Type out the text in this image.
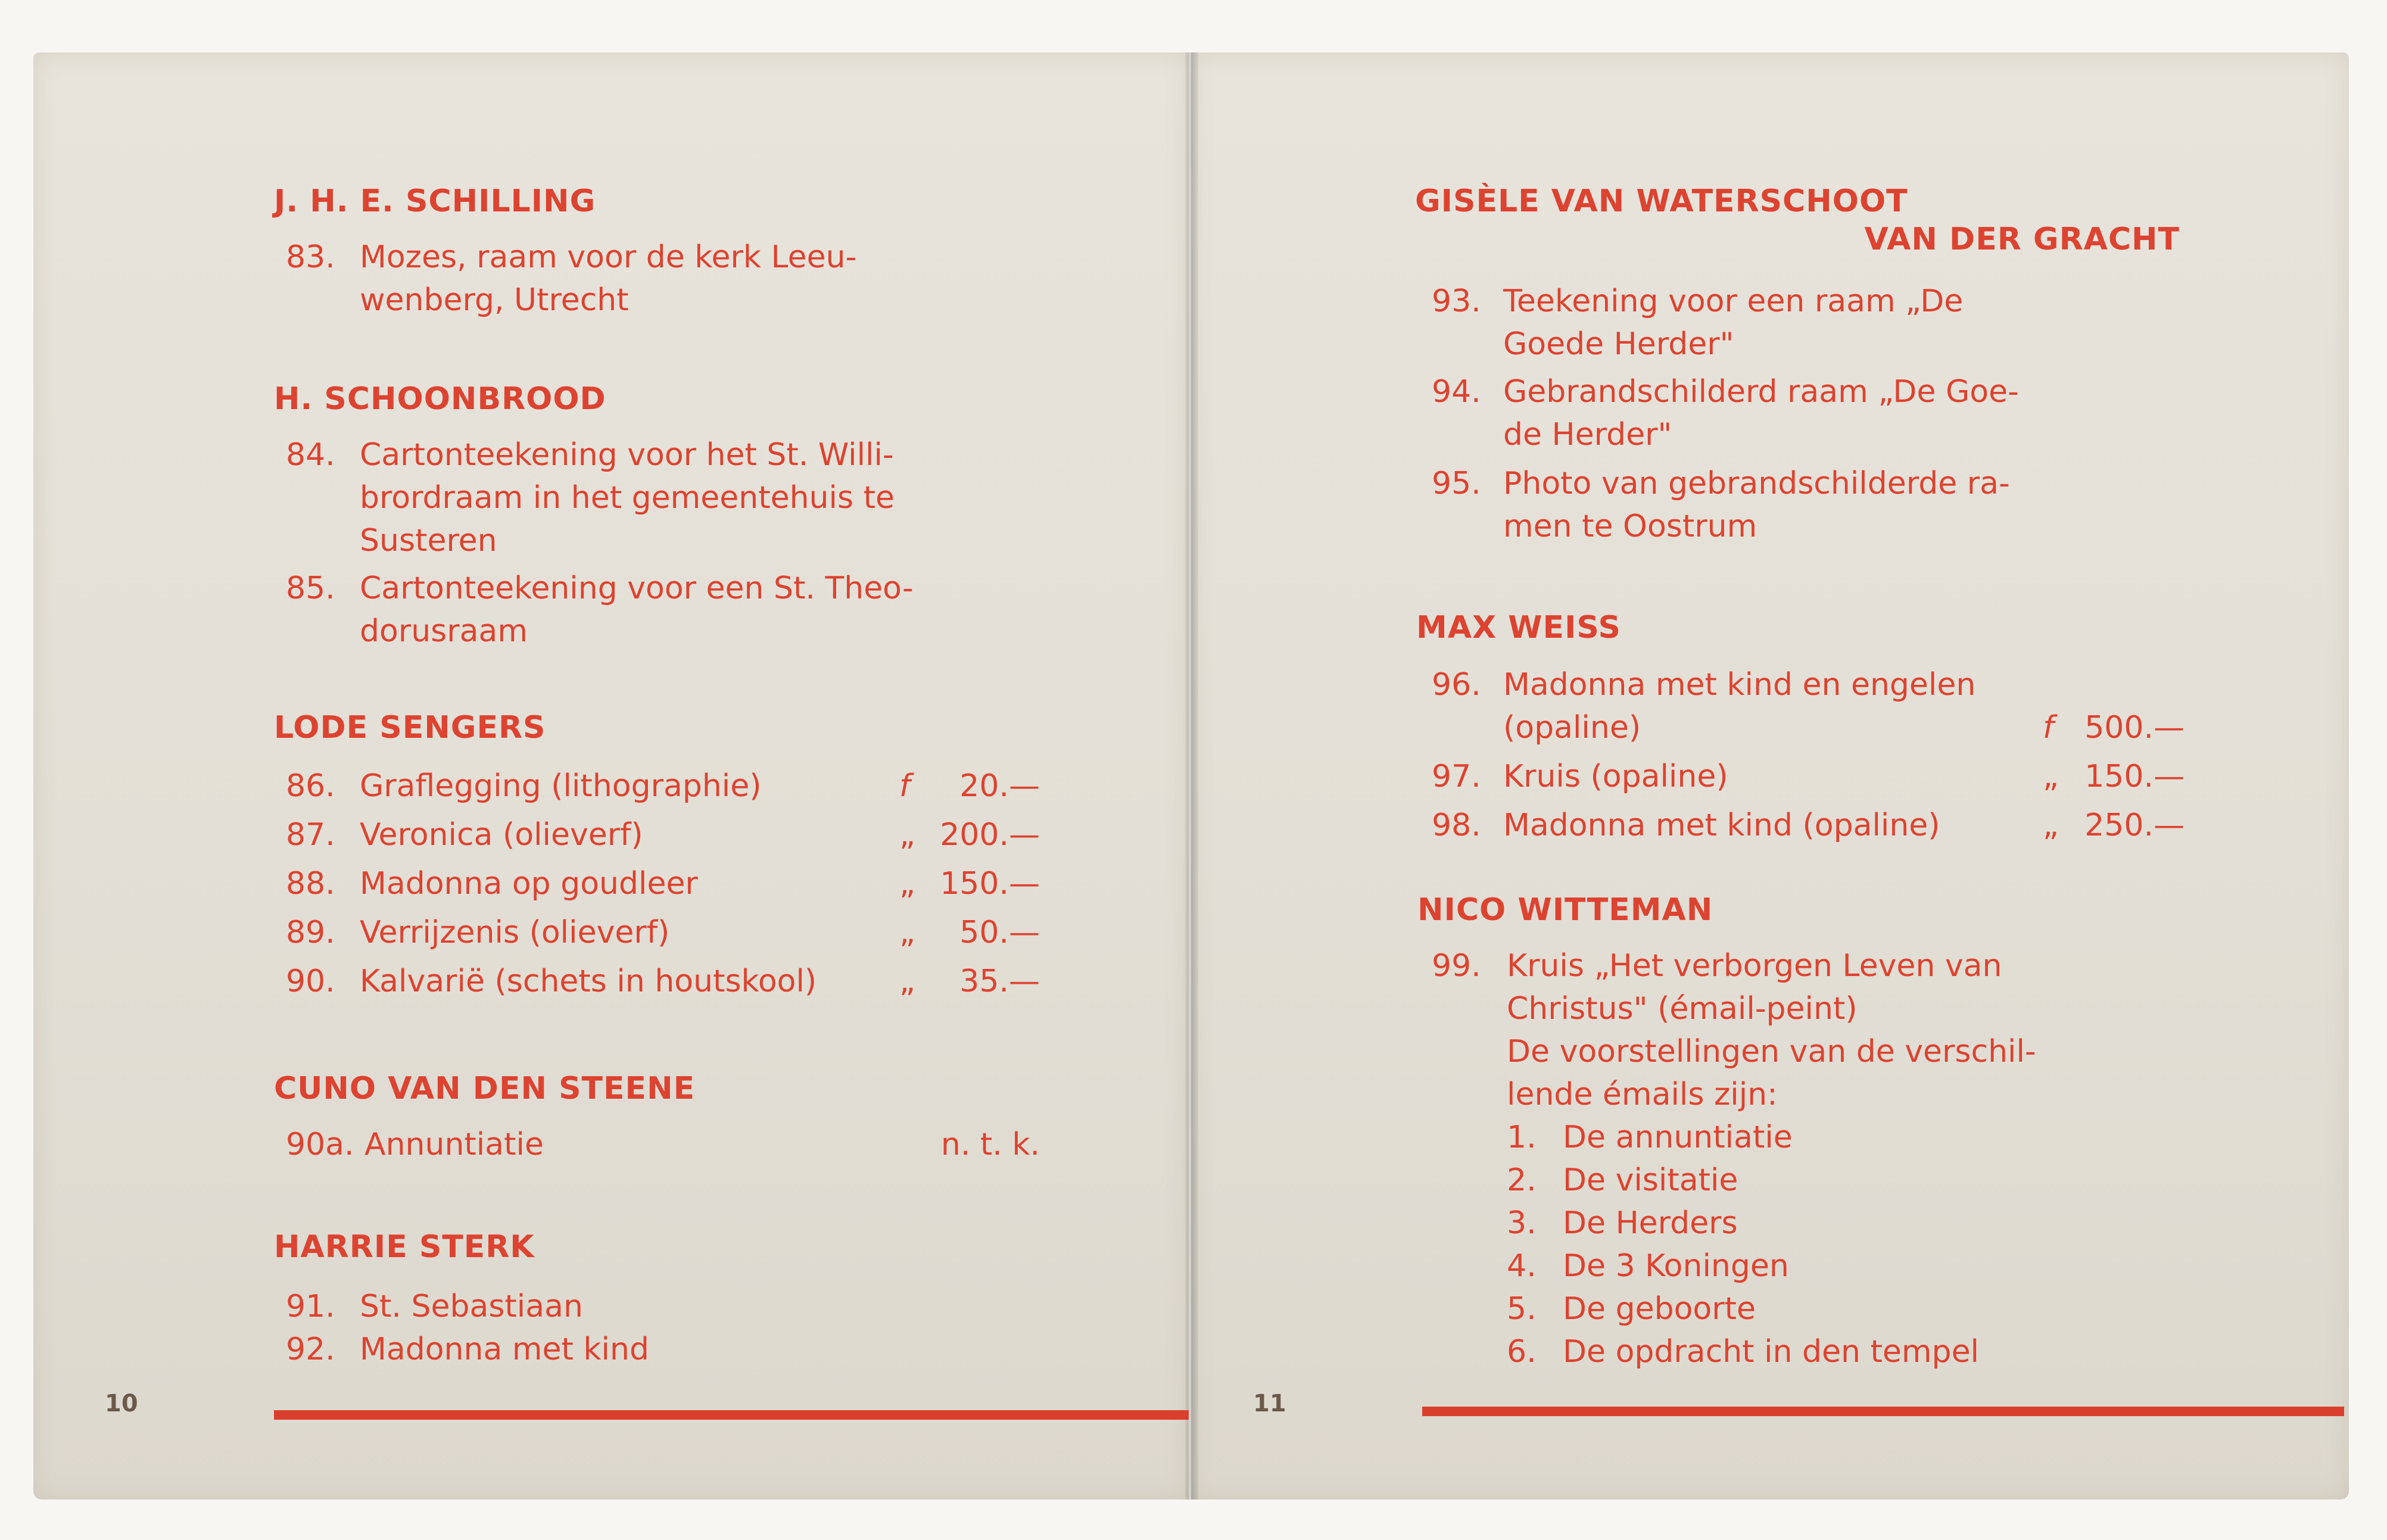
J. H. E. SCHILLING
83. Mozes, raam voor de kerk Leeu-
wenberg, Utrecht
H. SCHOONBROOD
84. Cartonteekening voor het St. Willi-
brordraam in het gemeentehuis te
Susteren
85. Cartonteekening voor een St. Theo-
dorusraam
LODE SENGERS
86. Graflegging (lithographie)	f	20.—
87. Veronica (olieverf)	„ 200.—
88. Madonna op goudleer	„ 150.—
89. Verrijzenis (olieverf)	„	50.—
90. Kalvarië (schets in houtskool)	„	35.—
CUNO VAN DEN STEENE
90a. Annuntiatie	n. t. k.
HARRIE STERK
91. St. Sebastiaan
92. Madonna met kind
10
GISÈLE VAN WATERSCHOOT
VAN DER GRACHT
93. Teekening voor een raam „De
Goede Herder"
94. Gebrandschilderd raam „De Goe-
de Herder"
95. Photo van gebrandschilderde ra-
men te Oostrum
MAX WEISS
96. Madonna met kind en engelen
(opaline)	f 500.—
97. Kruis (opaline)	„ 150.—
98. Madonna met kind (opaline)	„ 250.—
NICO WITTEMAN
99. Kruis „Het verborgen Leven van
Christus" (émail-peint)
De voorstellingen van de verschil-
lende émails zijn:
1. De annuntiatie
2. De visitatie
3. De Herders
4. De 3 Koningen
5. De geboorte
6. De opdracht in den tempel
11
